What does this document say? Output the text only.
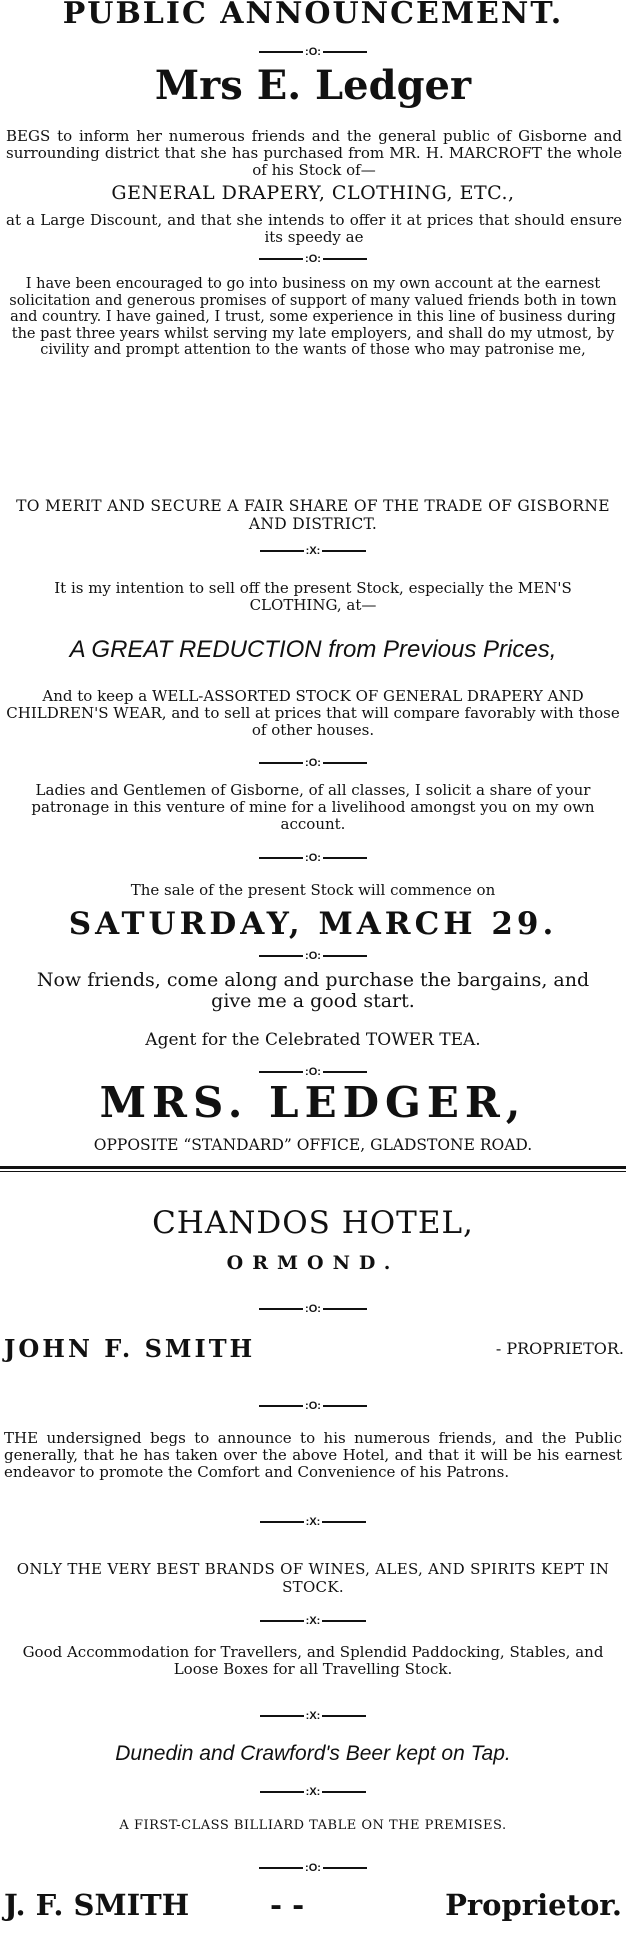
PUBLIC ANNOUNCEMENT.
:O:
Mrs E. Ledger
BEGS to inform her numerous friends and the general public of Gisborne and surrounding district that she has purchased from MR. H. MARCROFT the whole of his Stock of—
GENERAL DRAPERY, CLOTHING, ETC.,
at a Large Discount, and that she intends to offer it at prices that should ensure its speedy ae
:O:
I have been encouraged to go into business on my own account at the earnest solicitation and generous promises of support of many valued friends both in town and country. I have gained, I trust, some experience in this line of business during the past three years whilst serving my late employers, and shall do my utmost, by civility and prompt attention to the wants of those who may patronise me,
TO MERIT AND SECURE A FAIR SHARE OF THE TRADE OF GISBORNE AND DISTRICT.
:X:
It is my intention to sell off the present Stock, especially the MEN'S CLOTHING, at—
A GREAT REDUCTION from Previous Prices,
And to keep a WELL-ASSORTED STOCK OF GENERAL DRAPERY AND CHILDREN'S WEAR, and to sell at prices that will compare favorably with those of other houses.
:O:
Ladies and Gentlemen of Gisborne, of all classes, I solicit a share of your patronage in this venture of mine for a livelihood amongst you on my own account.
:O:
The sale of the present Stock will commence on
SATURDAY, MARCH 29.
:O:
Now friends, come along and purchase the bargains, and give me a good start.
Agent for the Celebrated TOWER TEA.
:O:
MRS. LEDGER,
OPPOSITE “STANDARD” OFFICE, GLADSTONE ROAD.
CHANDOS HOTEL,
ORMOND.
:O:
JOHN F. SMITH	- PROPRIETOR.
:O:
THE undersigned begs to announce to his numerous friends, and the Public generally, that he has taken over the above Hotel, and that it will be his earnest endeavor to promote the Comfort and Convenience of his Patrons.
:X:
ONLY THE VERY BEST BRANDS OF WINES, ALES, AND SPIRITS KEPT IN STOCK.
:X:
Good Accommodation for Travellers, and Splendid Paddocking, Stables, and Loose Boxes for all Travelling Stock.
:X:
Dunedin and Crawford's Beer kept on Tap.
:X:
A FIRST-CLASS BILLIARD TABLE ON THE PREMISES.
:O:
J. F. SMITH	- -	Proprietor.
